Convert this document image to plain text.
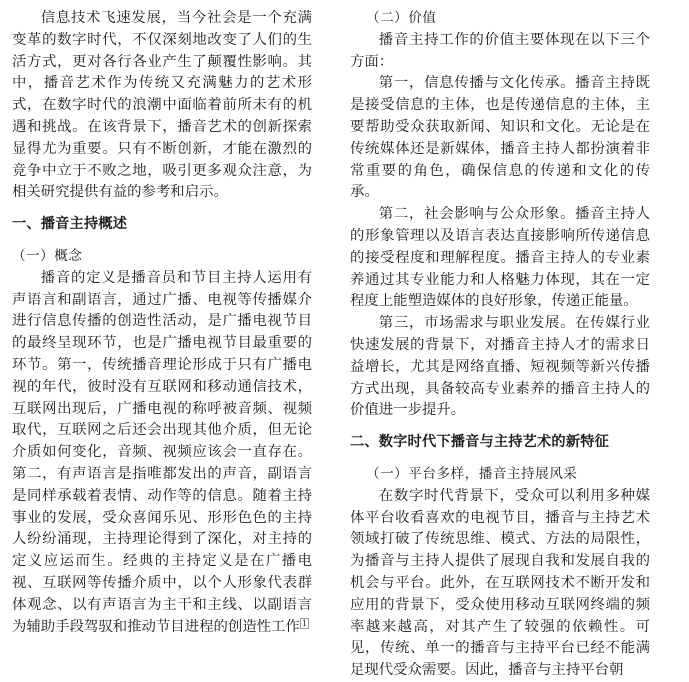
信息技术飞速发展，当今社会是一个充满变革的数字时代，不仅深刻地改变了人们的生活方式，更对各行各业产生了颠覆性影响。其中，播音艺术作为传统又充满魅力的艺术形式，在数字时代的浪潮中面临着前所未有的机遇和挑战。在该背景下，播音艺术的创新探索显得尤为重要。只有不断创新，才能在激烈的竞争中立于不败之地，吸引更多观众注意，为相关研究提供有益的参考和启示。

一、播音主持概述
（一）概念

播音的定义是播音员和节目主持人运用有声语言和副语言，通过广播、电视等传播媒介进行信息传播的创造性活动，是广播电视节目的最终呈现环节，也是广播电视节目最重要的环节。第一，传统播音理论形成于只有广播电视的年代，彼时没有互联网和移动通信技术，互联网出现后，广播电视的称呼被音频、视频取代，互联网之后还会出现其他介质，但无论介质如何变化，音频、视频应该会一直存在。第二，有声语言是指唯都发出的声音，副语言是同样承载着表情、动作等的信息。随着主持事业的发展，受众喜闻乐见、形形色色的主持人纷纷涌现，主持理论得到了深化，对主持的定义应运而生。经典的主持定义是在广播电视、互联网等传播介质中，以个人形象代表群体观念、以有声语言为主干和主线、以副语言为辅助手段驾驭和推动节目进程的创造性工作 $^1$

（二）价值

播音主持工作的价值主要体现在以下三个方面：

第一，信息传播与文化传承。播音主持既是接受信息的主体，也是传递信息的主体，主要帮助受众获取新闻、知识和文化。无论是在传统媒体还是新媒体，播音主持人都扮演着非常重要的角色，确保信息的传递和文化的传承。

第二，社会影响与公众形象。播音主持人的形象管理以及语言表达直接影响所传递信息的接受程度和理解程度。播音主持人的专业素养通过其专业能力和人格魅力体现，其在一定程度上能塑造媒体的良好形象，传递正能量。

第三，市场需求与职业发展。在传媒行业快速发展的背景下，对播音主持人才的需求日益增长，尤其是网络直播、短视频等新兴传播方式出现，具备较高专业素养的播音主持人的价值进一步提升。

二、数字时代下播音与主持艺术的新特征
（一）平台多样，播音主持展风采

在数字时代背景下，受众可以利用多种媒体平台收看喜欢的电视节目，播音与主持艺术领域打破了传统思维、模式、方法的局限性，为播音与主持人提供了展现自我和发展自我的机会与平台。此外，在互联网技术不断开发和应用的背景下，受众使用移动互联网终端的频率越来越高，对其产生了较强的依赖性。可见，传统、单一的播音与主持平台已经不能满足现代受众需要。因此，播音与主持平台朝
